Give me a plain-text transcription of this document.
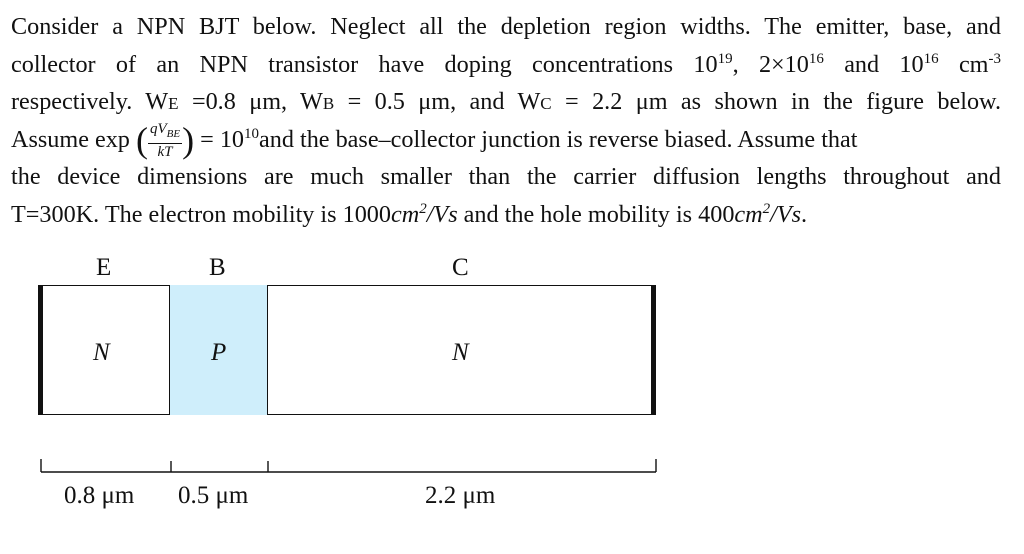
Consider a NPN BJT below. Neglect all the depletion region widths. The emitter, base, and
collector of an NPN transistor have doping concentrations $10^{19}$, $2\times 10^{16}$ and $10^{16}$ $cm^{-3}$
respectively. WE =0.8 μm, WB = 0.5 μm, and WC = 2.2 μm as shown in the figure below.
Assume exp ( $\frac{qV_{BE}}{kT}$ ) = $10^{10}and$ the base–collector junction is reverse biased. Assume that
the device dimensions are much smaller than the carrier diffusion lengths throughout and
T=300K. The electron mobility is $1000cm^2/Vs$ and the hole mobility is $400cm^2/Vs$.
E	B	C
N	P	N
0.8 μm 0.5 μm	2.2 μm
